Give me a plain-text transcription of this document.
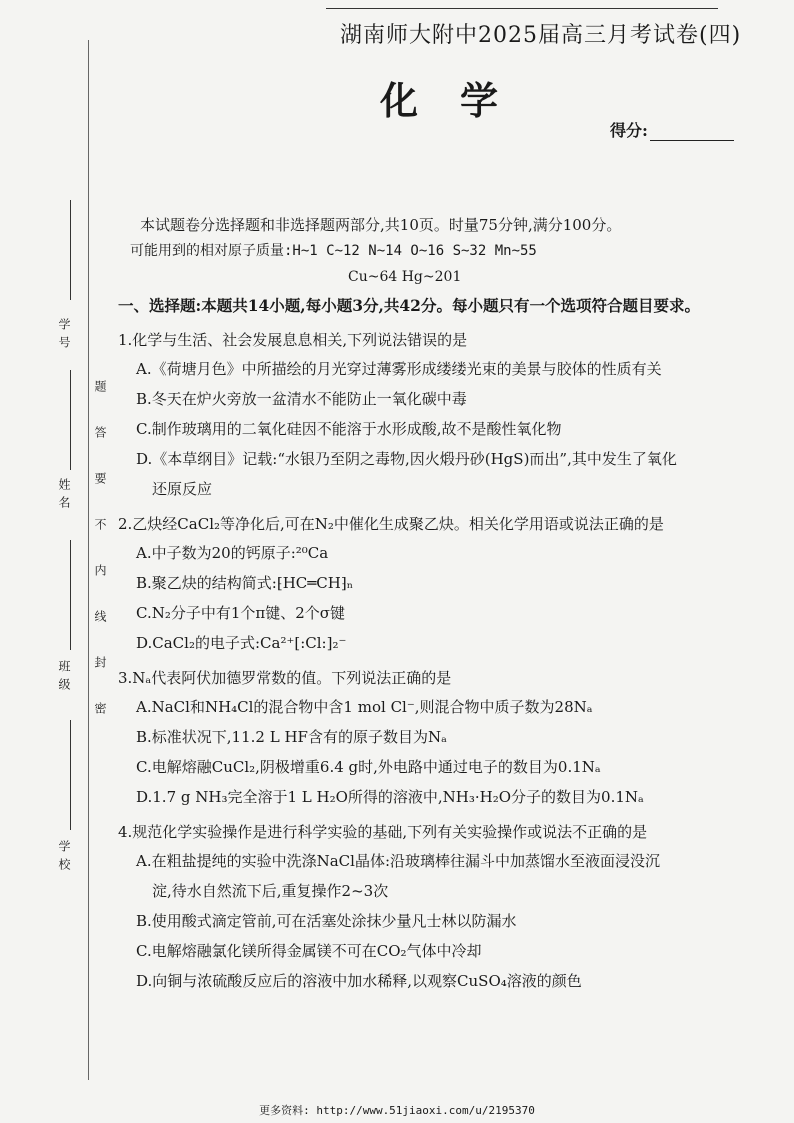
湖南师大附中2025届高三月考试卷(四)
化学
得分:
学号
姓名
班级
学校
题答要不内线封密

本试题卷分选择题和非选择题两部分,共10页。时量75分钟,满分100分。

可能用到的相对原子质量:H~1 C~12 N~14 O~16 S~32 Mn~55

Cu~64 Hg~201

一、选择题:本题共14小题,每小题3分,共42分。每小题只有一个选项符合题目要求。

1.化学与生活、社会发展息息相关,下列说法错误的是

A.《荷塘月色》中所描绘的月光穿过薄雾形成缕缕光束的美景与胶体的性质有关

B.冬天在炉火旁放一盆清水不能防止一氧化碳中毒

C.制作玻璃用的二氧化硅因不能溶于水形成酸,故不是酸性氧化物

D.《本草纲目》记载:“水银乃至阴之毒物,因火煅丹砂(HgS)而出”,其中发生了氧化

还原反应

2.乙炔经CaCl₂等净化后,可在N₂中催化生成聚乙炔。相关化学用语或说法正确的是

A.中子数为20的钙原子:²⁰Ca

B.聚乙炔的结构简式:⁅HC═CH⁆ₙ

C.N₂分子中有1个π键、2个σ键

D.CaCl₂的电子式:Ca²⁺[:Cl:]₂⁻

3.Nₐ代表阿伏加德罗常数的值。下列说法正确的是

A.NaCl和NH₄Cl的混合物中含1 mol Cl⁻,则混合物中质子数为28Nₐ

B.标准状况下,11.2 L HF含有的原子数目为Nₐ

C.电解熔融CuCl₂,阴极增重6.4 g时,外电路中通过电子的数目为0.1Nₐ

D.1.7 g NH₃完全溶于1 L H₂O所得的溶液中,NH₃·H₂O分子的数目为0.1Nₐ

4.规范化学实验操作是进行科学实验的基础,下列有关实验操作或说法不正确的是

A.在粗盐提纯的实验中洗涤NaCl晶体:沿玻璃棒往漏斗中加蒸馏水至液面浸没沉

淀,待水自然流下后,重复操作2~3次

B.使用酸式滴定管前,可在活塞处涂抹少量凡士林以防漏水

C.电解熔融氯化镁所得金属镁不可在CO₂气体中冷却

D.向铜与浓硫酸反应后的溶液中加水稀释,以观察CuSO₄溶液的颜色

更多资料: http://www.51jiaoxi.com/u/2195370
